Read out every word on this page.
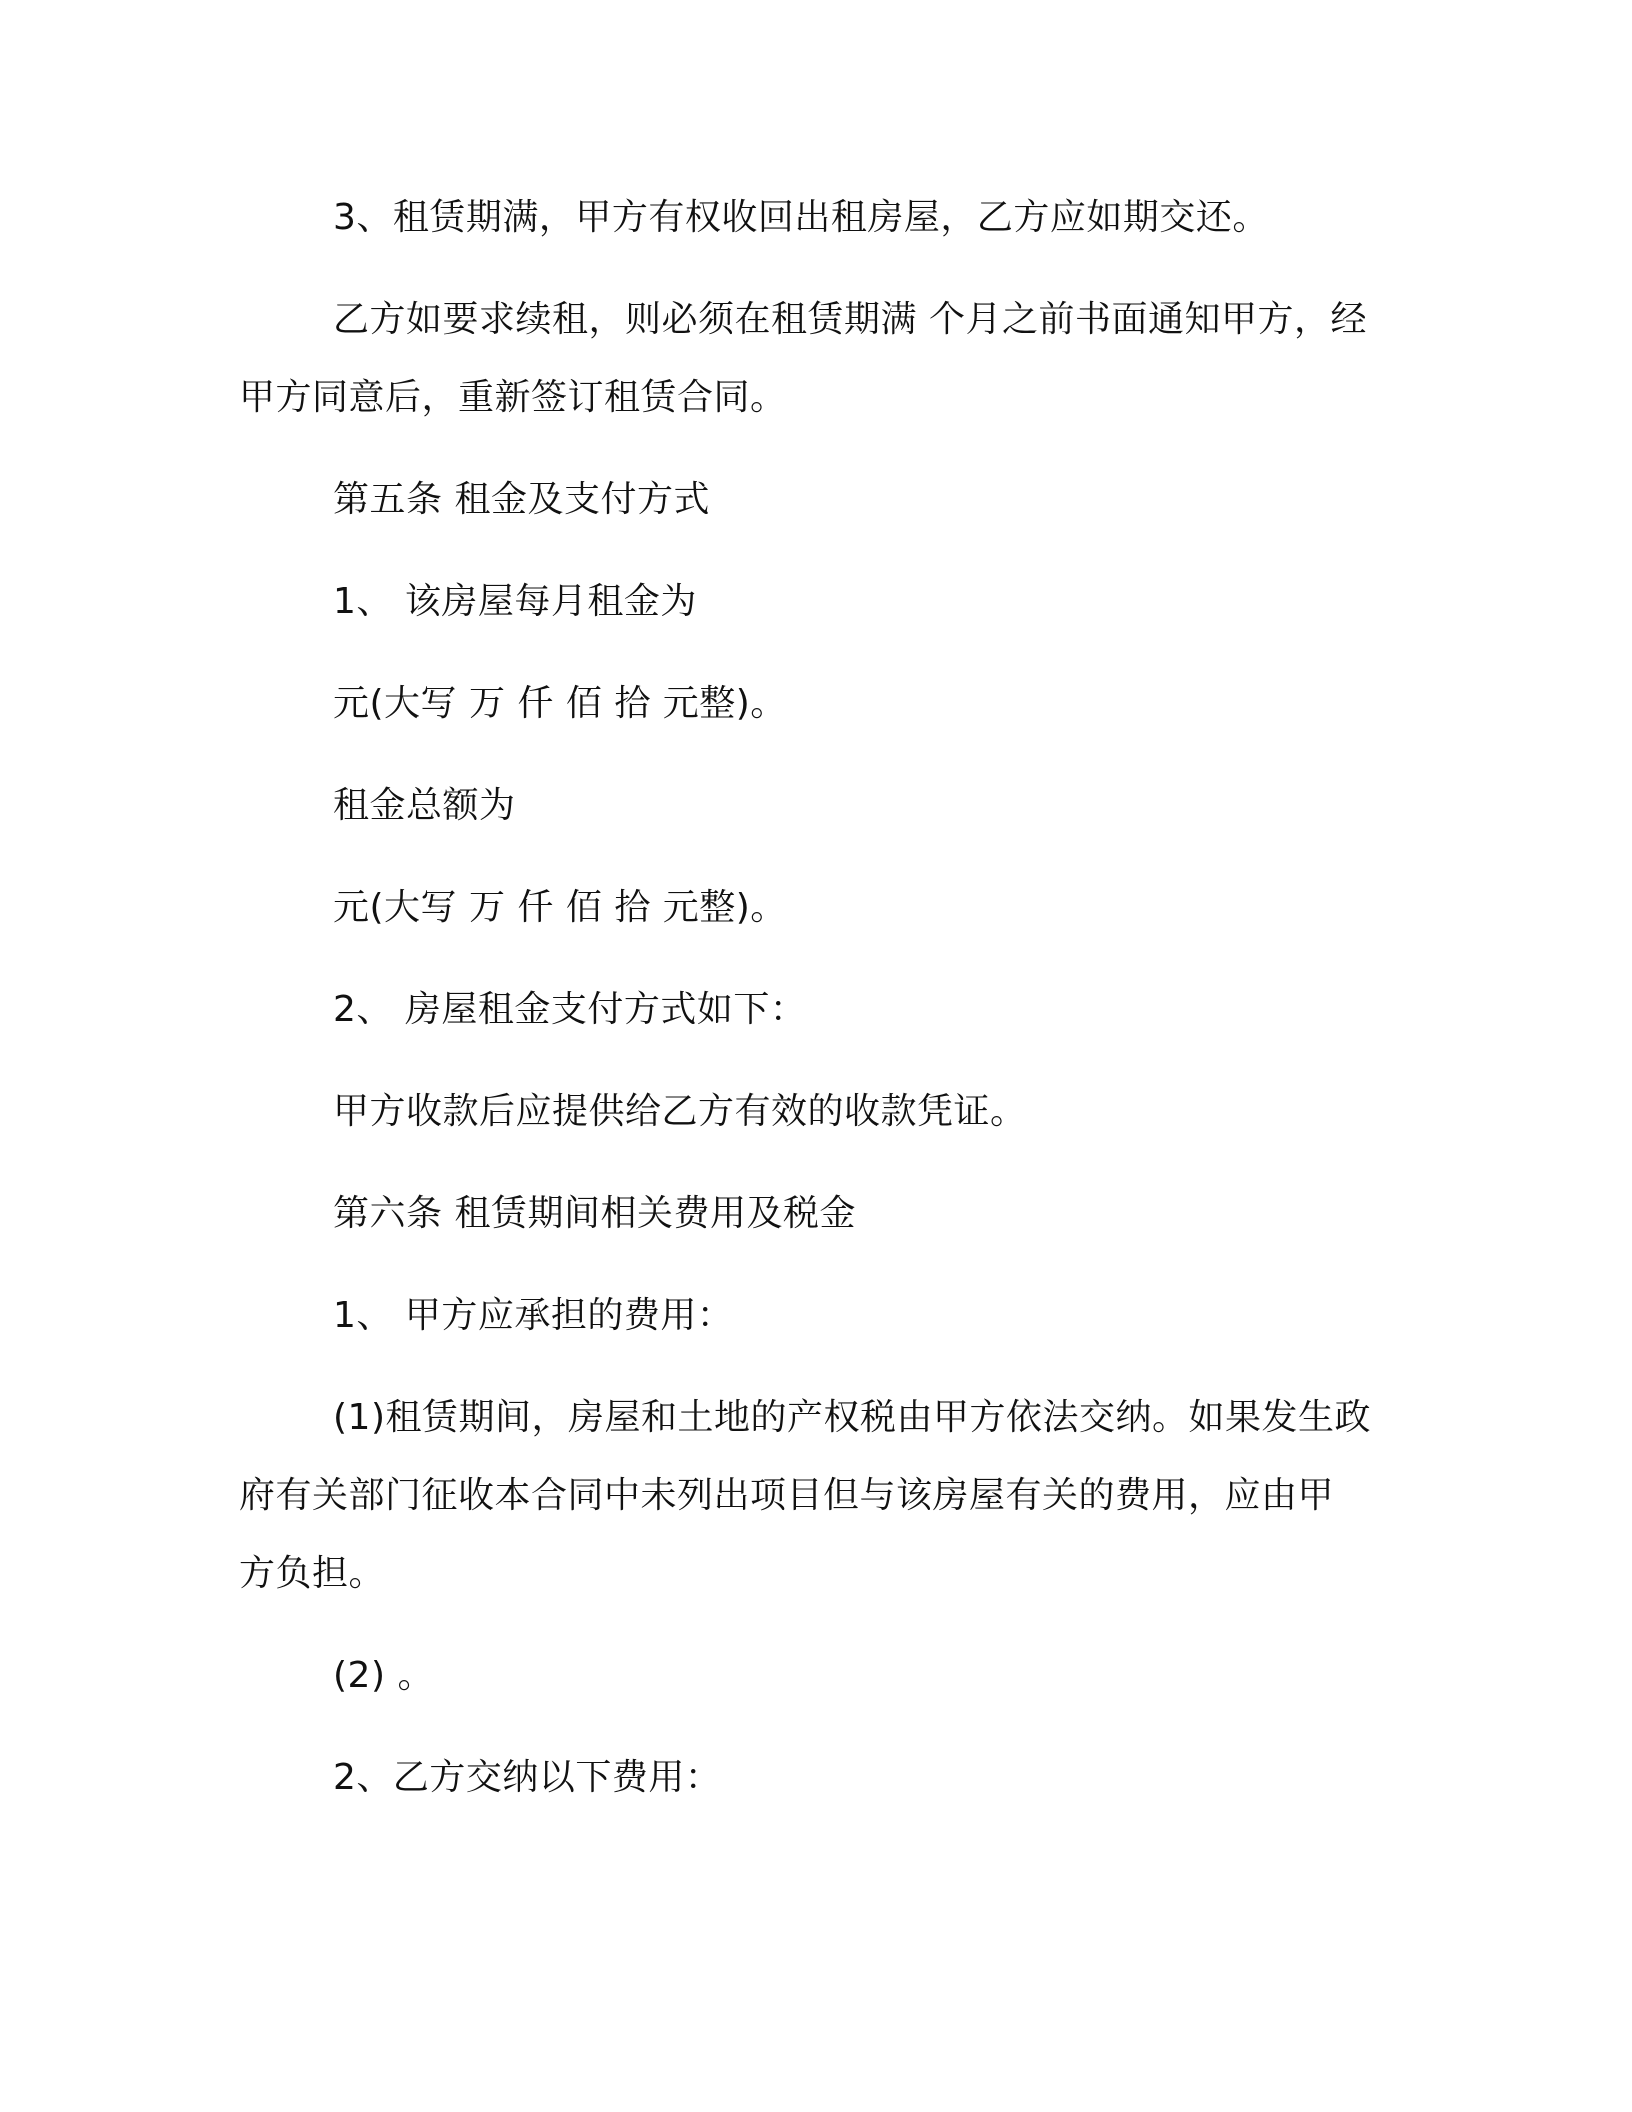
3、租赁期满，甲方有权收回出租房屋，乙方应如期交还。
乙方如要求续租，则必须在租赁期满 个月之前书面通知甲方，经
甲方同意后，重新签订租赁合同。
第五条 租金及支付方式
1、 该房屋每月租金为
元(大写 万 仟 佰 拾 元整)。
租金总额为
元(大写 万 仟 佰 拾 元整)。
2、 房屋租金支付方式如下：
甲方收款后应提供给乙方有效的收款凭证。
第六条 租赁期间相关费用及税金
1、 甲方应承担的费用：
(1)租赁期间，房屋和土地的产权税由甲方依法交纳。如果发生政
府有关部门征收本合同中未列出项目但与该房屋有关的费用，应由甲
方负担。
(2) 。
2、乙方交纳以下费用：
